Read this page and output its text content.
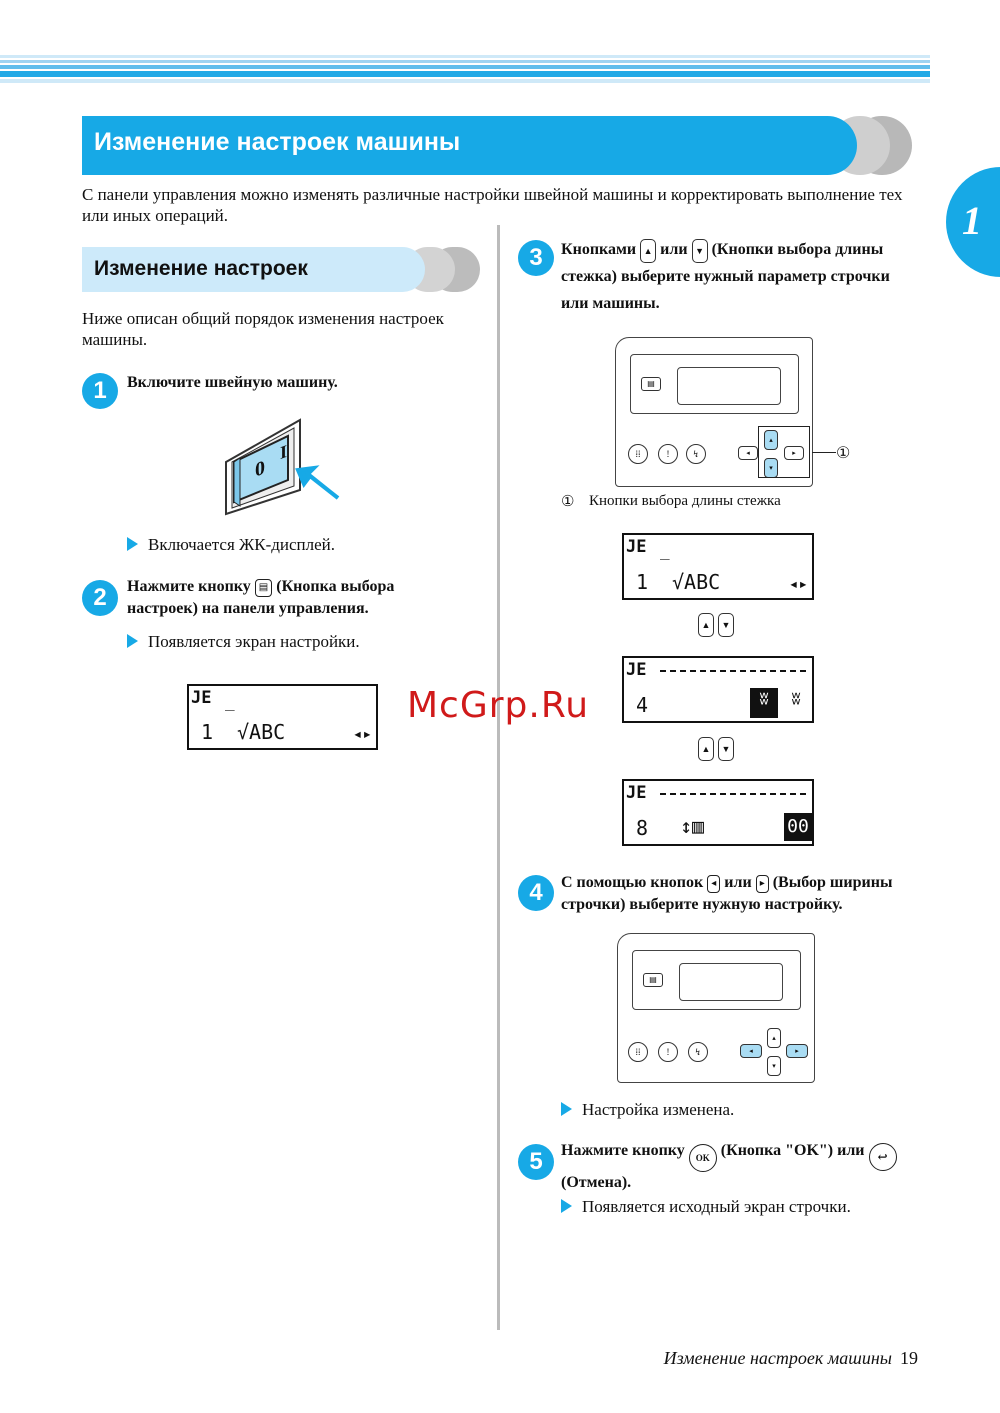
Изменение настроек машины
1
С панели управления можно изменять различные настройки швейной машины и корректировать выполнение тех или иных операций.
Изменение настроек
Ниже описан общий порядок изменения настроек машины.
1	Включите швейную машину.
0
I
Включается ЖК-дисплей.
2	Нажмите кнопку ▤ (Кнопка выбора настроек) на панели управления.
Появляется экран настройки.
JE _
1 √ABC	◂▸
3	Кнопками ▲ или ▼ (Кнопки выбора длины стежка) выберите нужный параметр строчки или машины.
▤
⁞⁞	!	↯	◂
▴
▾
▸	①
① Кнопки выбора длины стежка
JE _
1 √ABC	◂▸
▲ ▼
JE
4	ʬ	ʬ
▲ ▼
JE
8 ↕▥	00
4	С помощью кнопок ◂ или ▸ (Выбор ширины строчки) выберите нужную настройку.
▤
⁞⁞	!	↯	◂
▴
▾
▸
Настройка изменена.
5	Нажмите кнопку OK (Кнопка "OK") или ↩
(Отмена).
Появляется исходный экран строчки.
McGrp.Ru
Изменение настроек машины 19
